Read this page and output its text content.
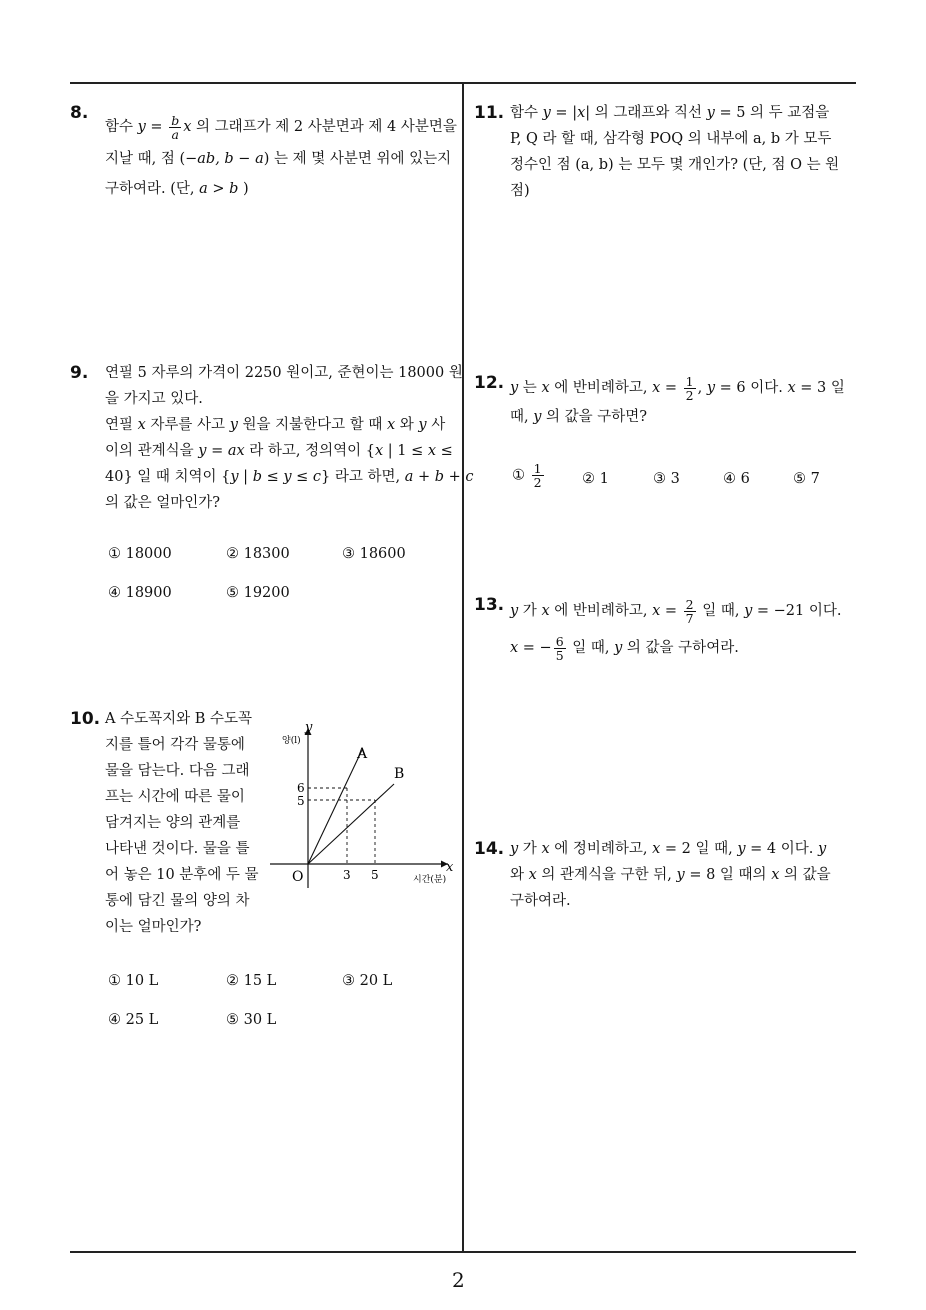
8.
함수 $y = \frac{b}{a}$ x 의 그래프가 제 2 사분면과 제 4 사분면을
지날 때, 점 (−ab, b − a) 는 제 몇 사분면 위에 있는지
구하여라. (단, a > b )
9. 연필 5 자루의 가격이 2250 원이고, 준현이는 18000 원
을 가지고 있다.
연필 x 자루를 사고 y 원을 지불한다고 할 때 x 와 y 사
이의 관계식을 y = ax 라 하고, 정의역이 {x | 1 ≤ x ≤
40} 일 때 치역이 {y | b ≤ y ≤ c} 라고 하면, a + b + c
의 값은 얼마인가?
① 18000	② 18300	③ 18600
④ 18900	⑤ 19200
10. A 수도꼭지와 B 수도꼭
지를 틀어 각각 물통에
물을 담는다. 다음 그래
프는 시간에 따른 물이
담겨지는 양의 관계를
나타낸 것이다. 물을 틀
어 놓은 10 분후에 두 물
통에 담긴 물의 양의 차
이는 얼마인가?
y
양(l)
A
B
6
5
O	3 5	x
시간(분)
① 10 L	② 15 L	③ 20 L
④ 25 L	⑤ 30 L
11. 함수 y = |x| 의 그래프와 직선 y = 5 의 두 교점을
P, Q 라 할 때, 삼각형 POQ 의 내부에 a, b 가 모두
정수인 점 (a, b) 는 모두 몇 개인가? (단, 점 O 는 원
점)
12. y 는 x 에 반비례하고, $x = \frac{1}{2}$ , y = 6 이다. x = 3 일
때, y 의 값을 구하면?
① $\frac{1}{2}$	② 1	③ 3	④ 6	⑤ 7
13. y 가 x 에 반비례하고, $x = \frac{2}{7}$ 일 때, y = −21 이다.
x = − $\frac{6}{5}$ 일 때, y 의 값을 구하여라.
14. y 가 x 에 정비례하고, x = 2 일 때, y = 4 이다. y
와 x 의 관계식을 구한 뒤, y = 8 일 때의 x 의 값을
구하여라.
2
